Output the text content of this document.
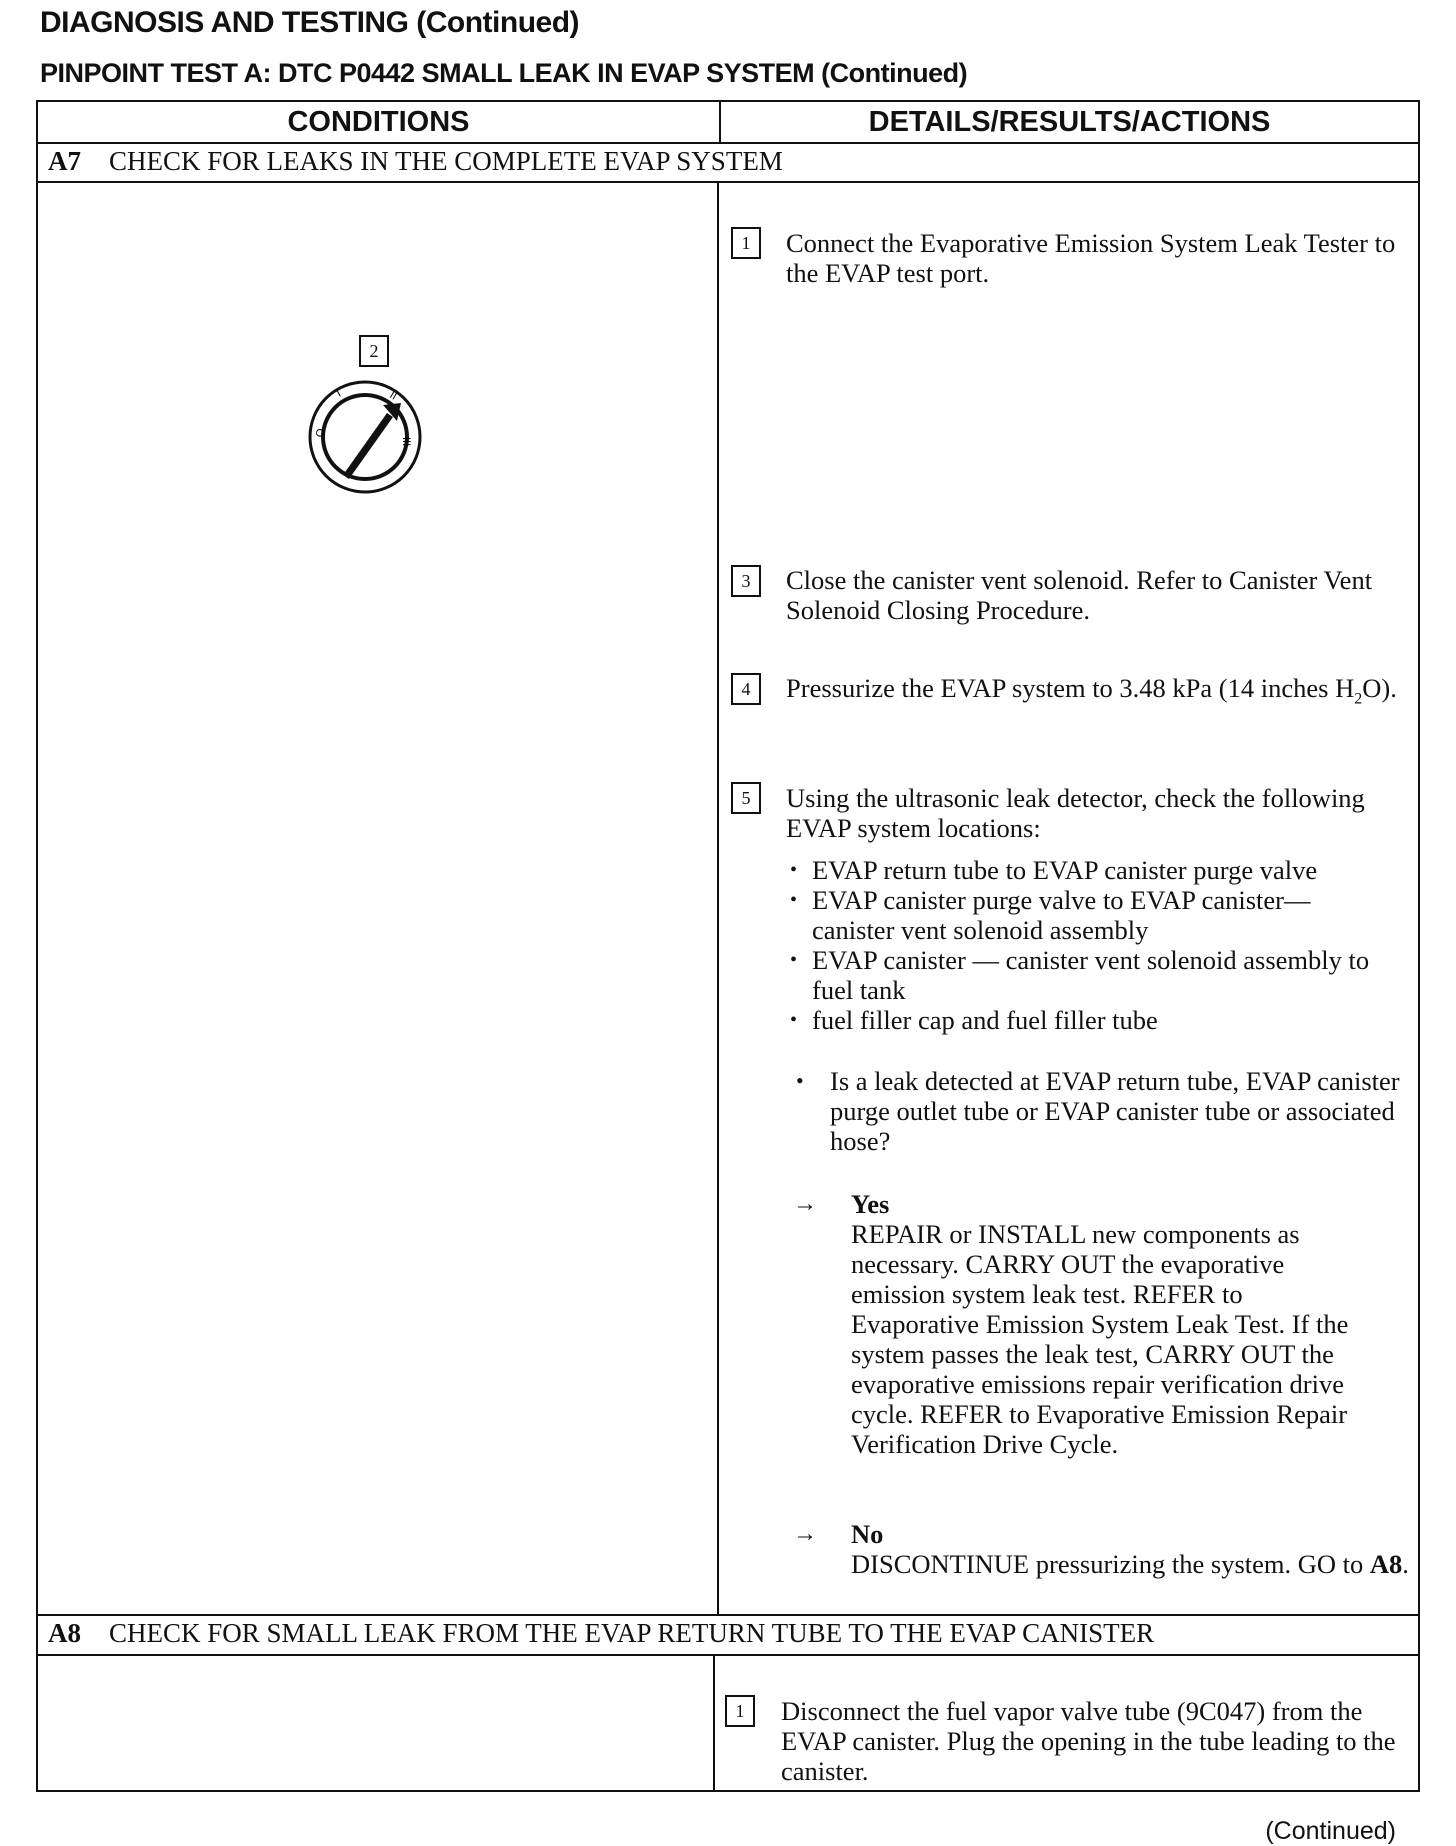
DIAGNOSIS AND TESTING (Continued)
PINPOINT TEST A: DTC P0442 SMALL LEAK IN EVAP SYSTEM (Continued)
CONDITIONS	DETAILS/RESULTS/ACTIONS
A7 CHECK FOR LEAKS IN THE COMPLETE EVAP SYSTEM
2
O
I	II
III
1	Connect the Evaporative Emission System Leak Tester to the EVAP test port.
3	Close the canister vent solenoid. Refer to Canister Vent Solenoid Closing Procedure.
4	Pressurize the EVAP system to 3.48 kPa (14 inches $H_2O$).
5	Using the ultrasonic leak detector, check the following EVAP system locations:
• EVAP return tube to EVAP canister purge valve
• EVAP canister purge valve to EVAP canister— canister vent solenoid assembly
• EVAP canister — canister vent solenoid assembly to fuel tank
• fuel filler cap and fuel filler tube
• Is a leak detected at EVAP return tube, EVAP canister purge outlet tube or EVAP canister tube or associated hose?
→ Yes
REPAIR or INSTALL new components as necessary. CARRY OUT the evaporative emission system leak test. REFER to Evaporative Emission System Leak Test. If the system passes the leak test, CARRY OUT the evaporative emissions repair verification drive cycle. REFER to Evaporative Emission Repair Verification Drive Cycle.
→ No
DISCONTINUE pressurizing the system. GO to A8.
A8 CHECK FOR SMALL LEAK FROM THE EVAP RETURN TUBE TO THE EVAP CANISTER
1	Disconnect the fuel vapor valve tube (9C047) from the EVAP canister. Plug the opening in the tube leading to the canister.
(Continued)
